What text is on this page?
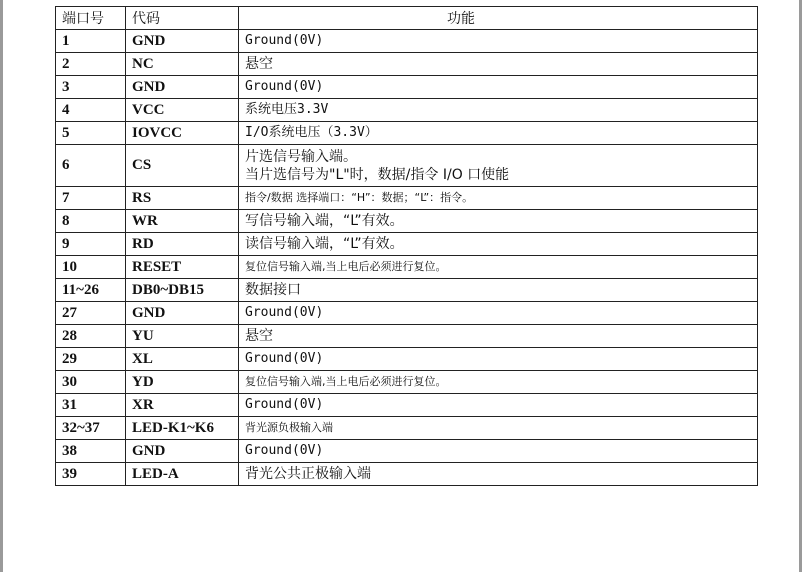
端口号	代码	功能
1	GND	Ground(0V)

2	NC	悬空

3	GND	Ground(0V)

4	VCC	系统电压3.3V

5	IOVCC	I/O系统电压（3.3V）

6	CS	片选信号输入端。
当片选信号为"L"时，数据/指令 I/O 口使能

7	RS	指令/数据 选择端口：“H”：数据；“L”：指令。

8	WR	写信号输入端，“L”有效。

9	RD	读信号输入端，“L”有效。

10	RESET	复位信号输入端,当上电后必须进行复位。

11~26	DB0~DB15	数据接口

27	GND	Ground(0V)

28	YU	悬空

29	XL	Ground(0V)

30	YD	复位信号输入端,当上电后必须进行复位。

31	XR	Ground(0V)

32~37	LED-K1~K6	背光源负极输入端

38	GND	Ground(0V)

39	LED-A	背光公共正极输入端
